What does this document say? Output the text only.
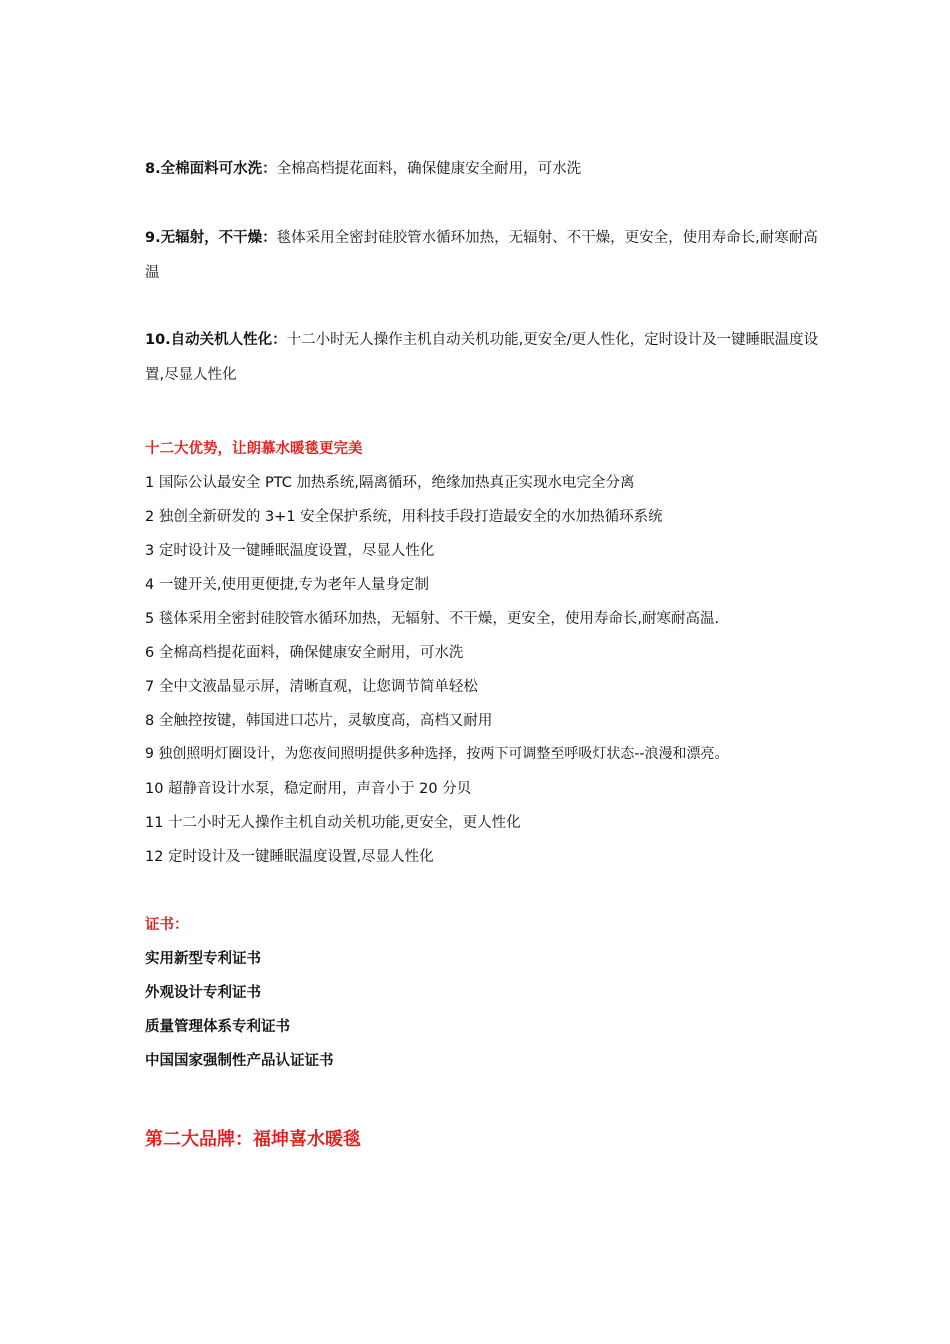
8.全棉面料可水洗：全棉高档提花面料，确保健康安全耐用，可水洗
9.无辐射，不干燥：毯体采用全密封硅胶管水循环加热，无辐射、不干燥，更安全，使用寿命长,耐寒耐高温
10.自动关机人性化：十二小时无人操作主机自动关机功能,更安全/更人性化，定时设计及一键睡眠温度设置,尽显人性化
十二大优势，让朗慕水暖毯更完美
1 国际公认最安全 PTC 加热系统,隔离循环，绝缘加热真正实现水电完全分离
2 独创全新研发的 3+1 安全保护系统，用科技手段打造最安全的水加热循环系统
3 定时设计及一键睡眠温度设置，尽显人性化
4 一键开关,使用更便捷,专为老年人量身定制
5 毯体采用全密封硅胶管水循环加热，无辐射、不干燥，更安全，使用寿命长,耐寒耐高温.
6 全棉高档提花面料，确保健康安全耐用，可水洗
7 全中文液晶显示屏，清晰直观，让您调节简单轻松
8 全触控按键，韩国进口芯片，灵敏度高，高档又耐用
9 独创照明灯圈设计，为您夜间照明提供多种选择，按两下可调整至呼吸灯状态--浪漫和漂亮。
10 超静音设计水泵，稳定耐用，声音小于 20 分贝
11 十二小时无人操作主机自动关机功能,更安全，更人性化
12 定时设计及一键睡眠温度设置,尽显人性化
证书：
实用新型专利证书
外观设计专利证书
质量管理体系专利证书
中国国家强制性产品认证证书
第二大品牌：福坤喜水暖毯
